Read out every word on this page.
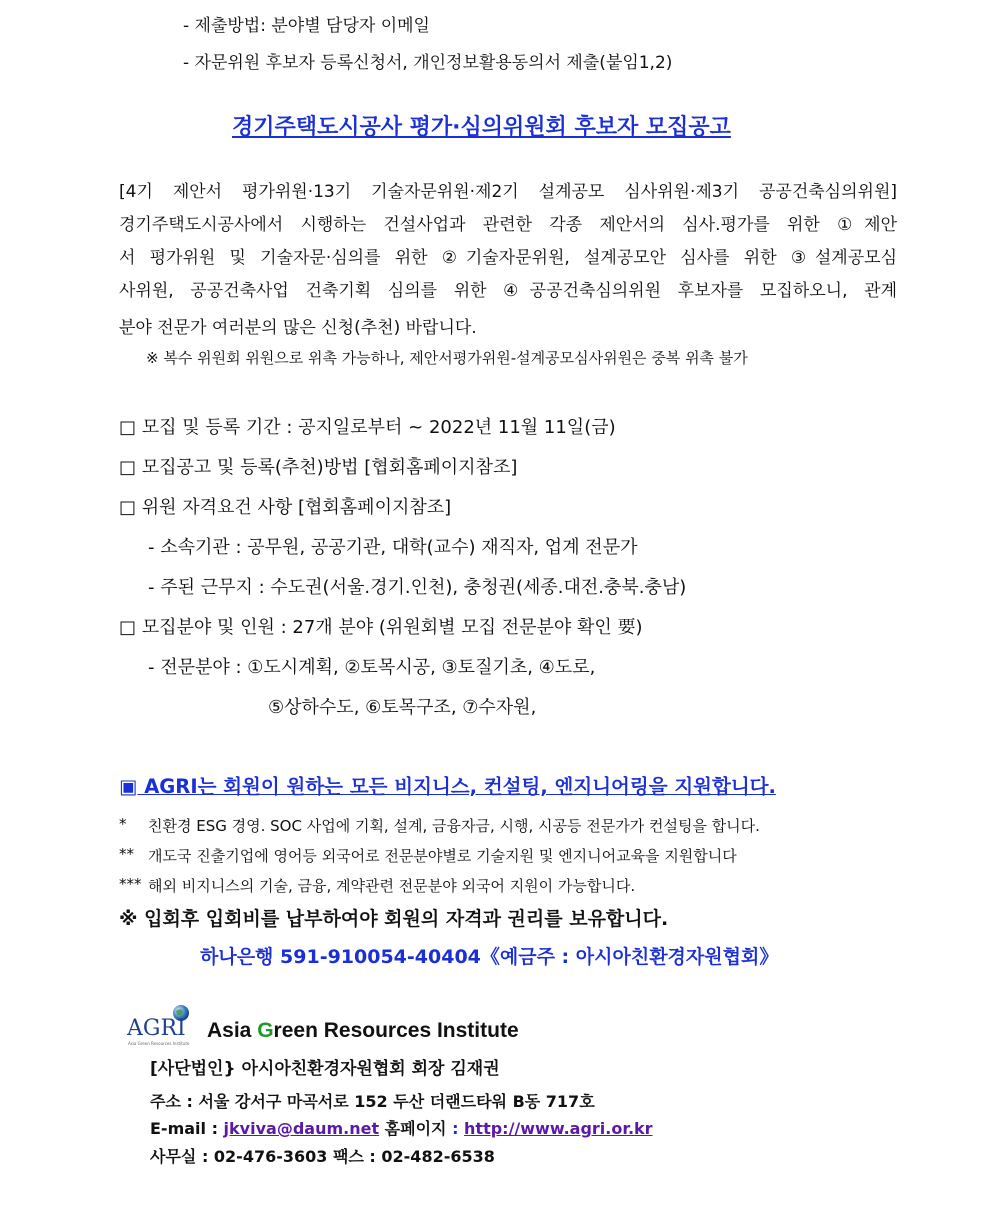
- 제출방법: 분야별 담당자 이메일
- 자문위원 후보자 등록신청서, 개인정보활용동의서 제출(붙임1,2)
경기주택도시공사 평가·심의위원회 후보자 모집공고
[4기 제안서 평가위원·13기 기술자문위원·제2기 설계공모 심사위원·제3기 공공건축심의위원]
경기주택도시공사에서 시행하는 건설사업과 관련한 각종 제안서의 심사.평가를 위한 ①제안
서 평가위원 및 기술자문·심의를 위한 ②기술자문위원, 설계공모안 심사를 위한 ③설계공모심
사위원, 공공건축사업 건축기획 심의를 위한 ④공공건축심의위원 후보자를 모집하오니, 관계
분야 전문가 여러분의 많은 신청(추천) 바랍니다.
※ 복수 위원회 위원으로 위촉 가능하나, 제안서평가위원-설계공모심사위원은 중복 위촉 불가
□ 모집 및 등록 기간 : 공지일로부터 ~ 2022년 11월 11일(금)
□ 모집공고 및 등록(추천)방법 [협회홈페이지참조]
□ 위원 자격요건 사항 [협회홈페이지참조]
- 소속기관 : 공무원, 공공기관, 대학(교수) 재직자, 업계 전문가
- 주된 근무지 : 수도권(서울.경기.인천), 충청권(세종.대전.충북.충남)
□ 모집분야 및 인원 : 27개 분야 (위원회별 모집 전문분야 확인 要)
- 전문분야 : ①도시계획, ②토목시공, ③토질기초, ④도로,
⑤상하수도, ⑥토목구조, ⑦수자원,
▣ AGRI는 회원이 원하는 모든 비지니스, 컨설팅, 엔지니어링을 지원합니다.
* 친환경 ESG 경영. SOC 사업에 기획, 설계, 금융자금, 시행, 시공등 전문가가 컨설팅을 합니다.
** 개도국 진출기업에 영어등 외국어로 전문분야별로 기술지원 및 엔지니어교육을 지원합니다
*** 해외 비지니스의 기술, 금융, 계약관련 전문분야 외국어 지원이 가능합니다.
※ 입회후 입회비를 납부하여야 회원의 자격과 권리를 보유합니다.
하나은행 591-910054-40404《예금주 : 아시아친환경자원협회》
AGRI
Asia Green Resources Institute
Asia Green Resources Institute
[사단법인} 아시아친환경자원협회 회장 김재권
주소 : 서울 강서구 마곡서로 152 두산 더랜드타워 B동 717호
E-mail : jkviva@daum.net 홈페이지 : http://www.agri.or.kr
사무실 : 02-476-3603 팩스 : 02-482-6538
